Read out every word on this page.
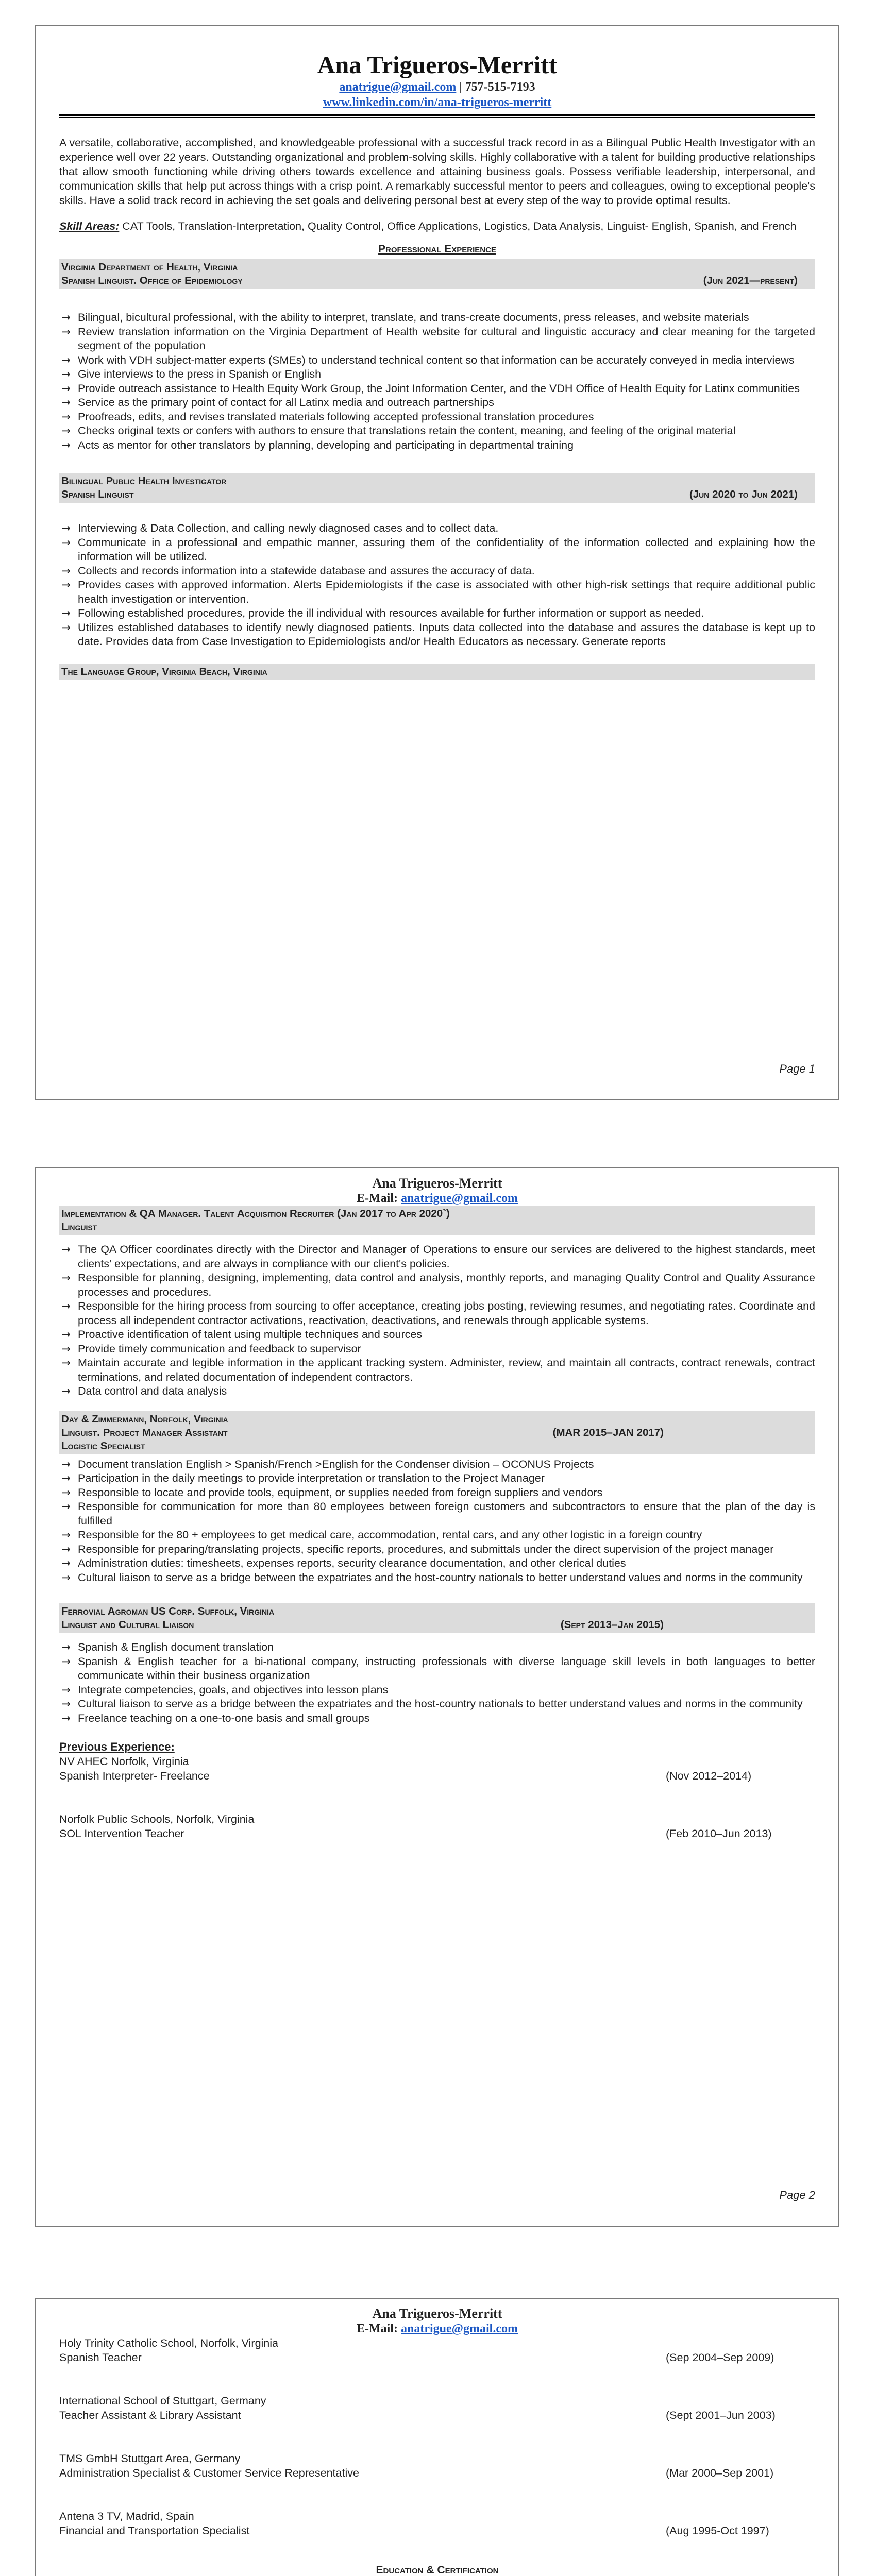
Ana Trigueros-Merritt
anatrigue@gmail.com | 757-515-7193
www.linkedin.com/in/ana-trigueros-merritt
A versatile, collaborative, accomplished, and knowledgeable professional with a successful track record in as a Bilingual Public Health Investigator with an experience well over 22 years. Outstanding organizational and problem-solving skills. Highly collaborative with a talent for building productive relationships that allow smooth functioning while driving others towards excellence and attaining business goals. Possess verifiable leadership, interpersonal, and communication skills that help put across things with a crisp point. A remarkably successful mentor to peers and colleagues, owing to exceptional people's skills. Have a solid track record in achieving the set goals and delivering personal best at every step of the way to provide optimal results.
Skill Areas: CAT Tools, Translation-Interpretation, Quality Control, Office Applications, Logistics, Data Analysis, Linguist- English, Spanish, and French
Professional Experience
Virginia Department of Health, Virginia
Spanish Linguist. Office of Epidemiology	(Jun 2021—present)
→ Bilingual, bicultural professional, with the ability to interpret, translate, and trans-create documents, press releases, and website materials
→ Review translation information on the Virginia Department of Health website for cultural and linguistic accuracy and clear meaning for the targeted segment of the population
→ Work with VDH subject-matter experts (SMEs) to understand technical content so that information can be accurately conveyed in media interviews
→ Give interviews to the press in Spanish or English
→ Provide outreach assistance to Health Equity Work Group, the Joint Information Center, and the VDH Office of Health Equity for Latinx communities
→ Service as the primary point of contact for all Latinx media and outreach partnerships
→ Proofreads, edits, and revises translated materials following accepted professional translation procedures
→ Checks original texts or confers with authors to ensure that translations retain the content, meaning, and feeling of the original material
→ Acts as mentor for other translators by planning, developing and participating in departmental training
Bilingual Public Health Investigator
Spanish Linguist	(Jun 2020 to Jun 2021)
→ Interviewing & Data Collection, and calling newly diagnosed cases and to collect data.
→ Communicate in a professional and empathic manner, assuring them of the confidentiality of the information collected and explaining how the information will be utilized.
→ Collects and records information into a statewide database and assures the accuracy of data.
→ Provides cases with approved information. Alerts Epidemiologists if the case is associated with other high-risk settings that require additional public health investigation or intervention.
→ Following established procedures, provide the ill individual with resources available for further information or support as needed.
→ Utilizes established databases to identify newly diagnosed patients. Inputs data collected into the database and assures the database is kept up to date. Provides data from Case Investigation to Epidemiologists and/or Health Educators as necessary. Generate reports
The Language Group, Virginia Beach, Virginia
Page 1
Ana Trigueros-Merritt
E-Mail: anatrigue@gmail.com
Implementation & QA Manager. Talent Acquisition Recruiter (Jan 2017 to Apr 2020`)
Linguist
→ The QA Officer coordinates directly with the Director and Manager of Operations to ensure our services are delivered to the highest standards, meet clients' expectations, and are always in compliance with our client's policies.
→ Responsible for planning, designing, implementing, data control and analysis, monthly reports, and managing Quality Control and Quality Assurance processes and procedures.
→ Responsible for the hiring process from sourcing to offer acceptance, creating jobs posting, reviewing resumes, and negotiating rates. Coordinate and process all independent contractor activations, reactivation, deactivations, and renewals through applicable systems.
→ Proactive identification of talent using multiple techniques and sources
→ Provide timely communication and feedback to supervisor
→ Maintain accurate and legible information in the applicant tracking system. Administer, review, and maintain all contracts, contract renewals, contract terminations, and related documentation of independent contractors.
→ Data control and data analysis
Day & Zimmermann, Norfolk, Virginia
Linguist. Project Manager Assistant	(MAR 2015–JAN 2017)
Logistic Specialist
→ Document translation English > Spanish/French >English for the Condenser division – OCONUS Projects
→ Participation in the daily meetings to provide interpretation or translation to the Project Manager
→ Responsible to locate and provide tools, equipment, or supplies needed from foreign suppliers and vendors
→ Responsible for communication for more than 80 employees between foreign customers and subcontractors to ensure that the plan of the day is fulfilled
→ Responsible for the 80 + employees to get medical care, accommodation, rental cars, and any other logistic in a foreign country
→ Responsible for preparing/translating projects, specific reports, procedures, and submittals under the direct supervision of the project manager
→ Administration duties: timesheets, expenses reports, security clearance documentation, and other clerical duties
→ Cultural liaison to serve as a bridge between the expatriates and the host-country nationals to better understand values and norms in the community
Ferrovial Agroman US Corp. Suffolk, Virginia
Linguist and Cultural Liaison	(Sept 2013–Jan 2015)
→ Spanish & English document translation
→ Spanish & English teacher for a bi-national company, instructing professionals with diverse language skill levels in both languages to better communicate within their business organization
→ Integrate competencies, goals, and objectives into lesson plans
→ Cultural liaison to serve as a bridge between the expatriates and the host-country nationals to better understand values and norms in the community
→ Freelance teaching on a one-to-one basis and small groups
Previous Experience:
NV AHEC Norfolk, Virginia
Spanish Interpreter- Freelance	(Nov 2012–2014)
Norfolk Public Schools, Norfolk, Virginia
SOL Intervention Teacher	(Feb 2010–Jun 2013)
Page 2
Ana Trigueros-Merritt
E-Mail: anatrigue@gmail.com
Holy Trinity Catholic School, Norfolk, Virginia
Spanish Teacher	(Sep 2004–Sep 2009)
International School of Stuttgart, Germany
Teacher Assistant & Library Assistant	(Sept 2001–Jun 2003)
TMS GmbH Stuttgart Area, Germany
Administration Specialist & Customer Service Representative	(Mar 2000–Sep 2001)
Antena 3 TV, Madrid, Spain
Financial and Transportation Specialist	(Aug 1995-Oct 1997)
Education & Certification
